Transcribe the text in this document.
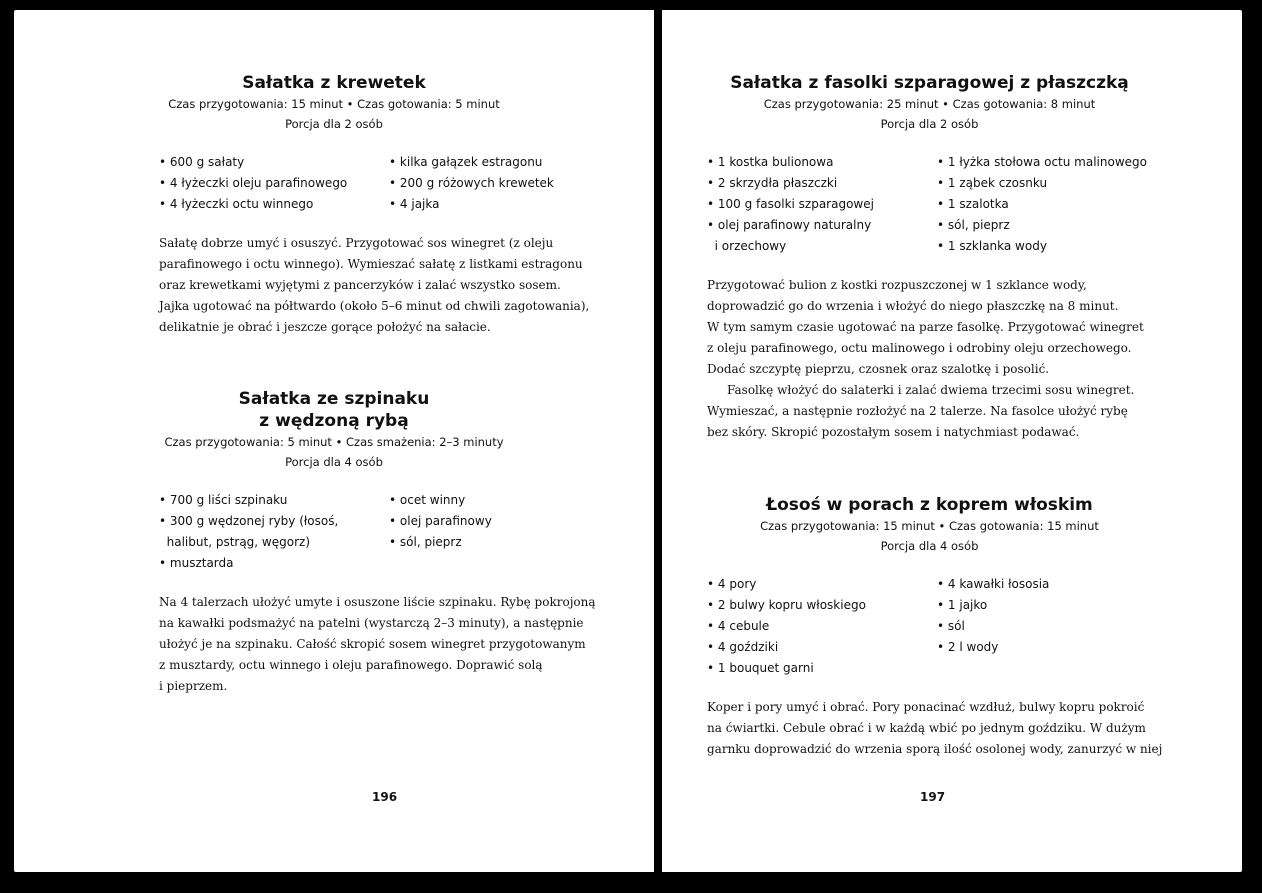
Sałatka z krewetek

Czas przygotowania: 15 minut • Czas gotowania: 5 minut

Porcja dla 2 osób

• 600 g sałaty
• 4 łyżeczki oleju parafinowego
• 4 łyżeczki octu winnego
• kilka gałązek estragonu
• 200 g różowych krewetek
• 4 jajka

Sałatę dobrze umyć i osuszyć. Przygotować sos winegret (z oleju

parafinowego i octu winnego). Wymieszać sałatę z listkami estragonu

oraz krewetkami wyjętymi z pancerzyków i zalać wszystko sosem.

Jajka ugotować na półtwardo (około 5–6 minut od chwili zagotowania),

delikatnie je obrać i jeszcze gorące położyć na sałacie.

Sałatka ze szpinaku
z wędzoną rybą

Czas przygotowania: 5 minut • Czas smażenia: 2–3 minuty

Porcja dla 4 osób

• 700 g liści szpinaku
• 300 g wędzonej ryby (łosoś,
halibut, pstrąg, węgorz)
• musztarda
• ocet winny
• olej parafinowy
• sól, pieprz

Na 4 talerzach ułożyć umyte i osuszone liście szpinaku. Rybę pokrojoną

na kawałki podsmażyć na patelni (wystarczą 2–3 minuty), a następnie

ułożyć je na szpinaku. Całość skropić sosem winegret przygotowanym

z musztardy, octu winnego i oleju parafinowego. Doprawić solą

i pieprzem.

196
Sałatka z fasolki szparagowej z płaszczką

Czas przygotowania: 25 minut • Czas gotowania: 8 minut

Porcja dla 2 osób

• 1 kostka bulionowa
• 2 skrzydła płaszczki
• 100 g fasolki szparagowej
• olej parafinowy naturalny
i orzechowy
• 1 łyżka stołowa octu malinowego
• 1 ząbek czosnku
• 1 szalotka
• sól, pieprz
• 1 szklanka wody

Przygotować bulion z kostki rozpuszczonej w 1 szklance wody,

doprowadzić go do wrzenia i włożyć do niego płaszczkę na 8 minut.

W tym samym czasie ugotować na parze fasolkę. Przygotować winegret

z oleju parafinowego, octu malinowego i odrobiny oleju orzechowego.

Dodać szczyptę pieprzu, czosnek oraz szalotkę i posolić.

Fasolkę włożyć do salaterki i zalać dwiema trzecimi sosu winegret.

Wymieszać, a następnie rozłożyć na 2 talerze. Na fasolce ułożyć rybę

bez skóry. Skropić pozostałym sosem i natychmiast podawać.

Łosoś w porach z koprem włoskim

Czas przygotowania: 15 minut • Czas gotowania: 15 minut

Porcja dla 4 osób

• 4 pory
• 2 bulwy kopru włoskiego
• 4 cebule
• 4 goździki
• 1 bouquet garni
• 4 kawałki łososia
• 1 jajko
• sól
• 2 l wody

Koper i pory umyć i obrać. Pory ponacinać wzdłuż, bulwy kopru pokroić

na ćwiartki. Cebule obrać i w każdą wbić po jednym goździku. W dużym

garnku doprowadzić do wrzenia sporą ilość osolonej wody, zanurzyć w niej

197
